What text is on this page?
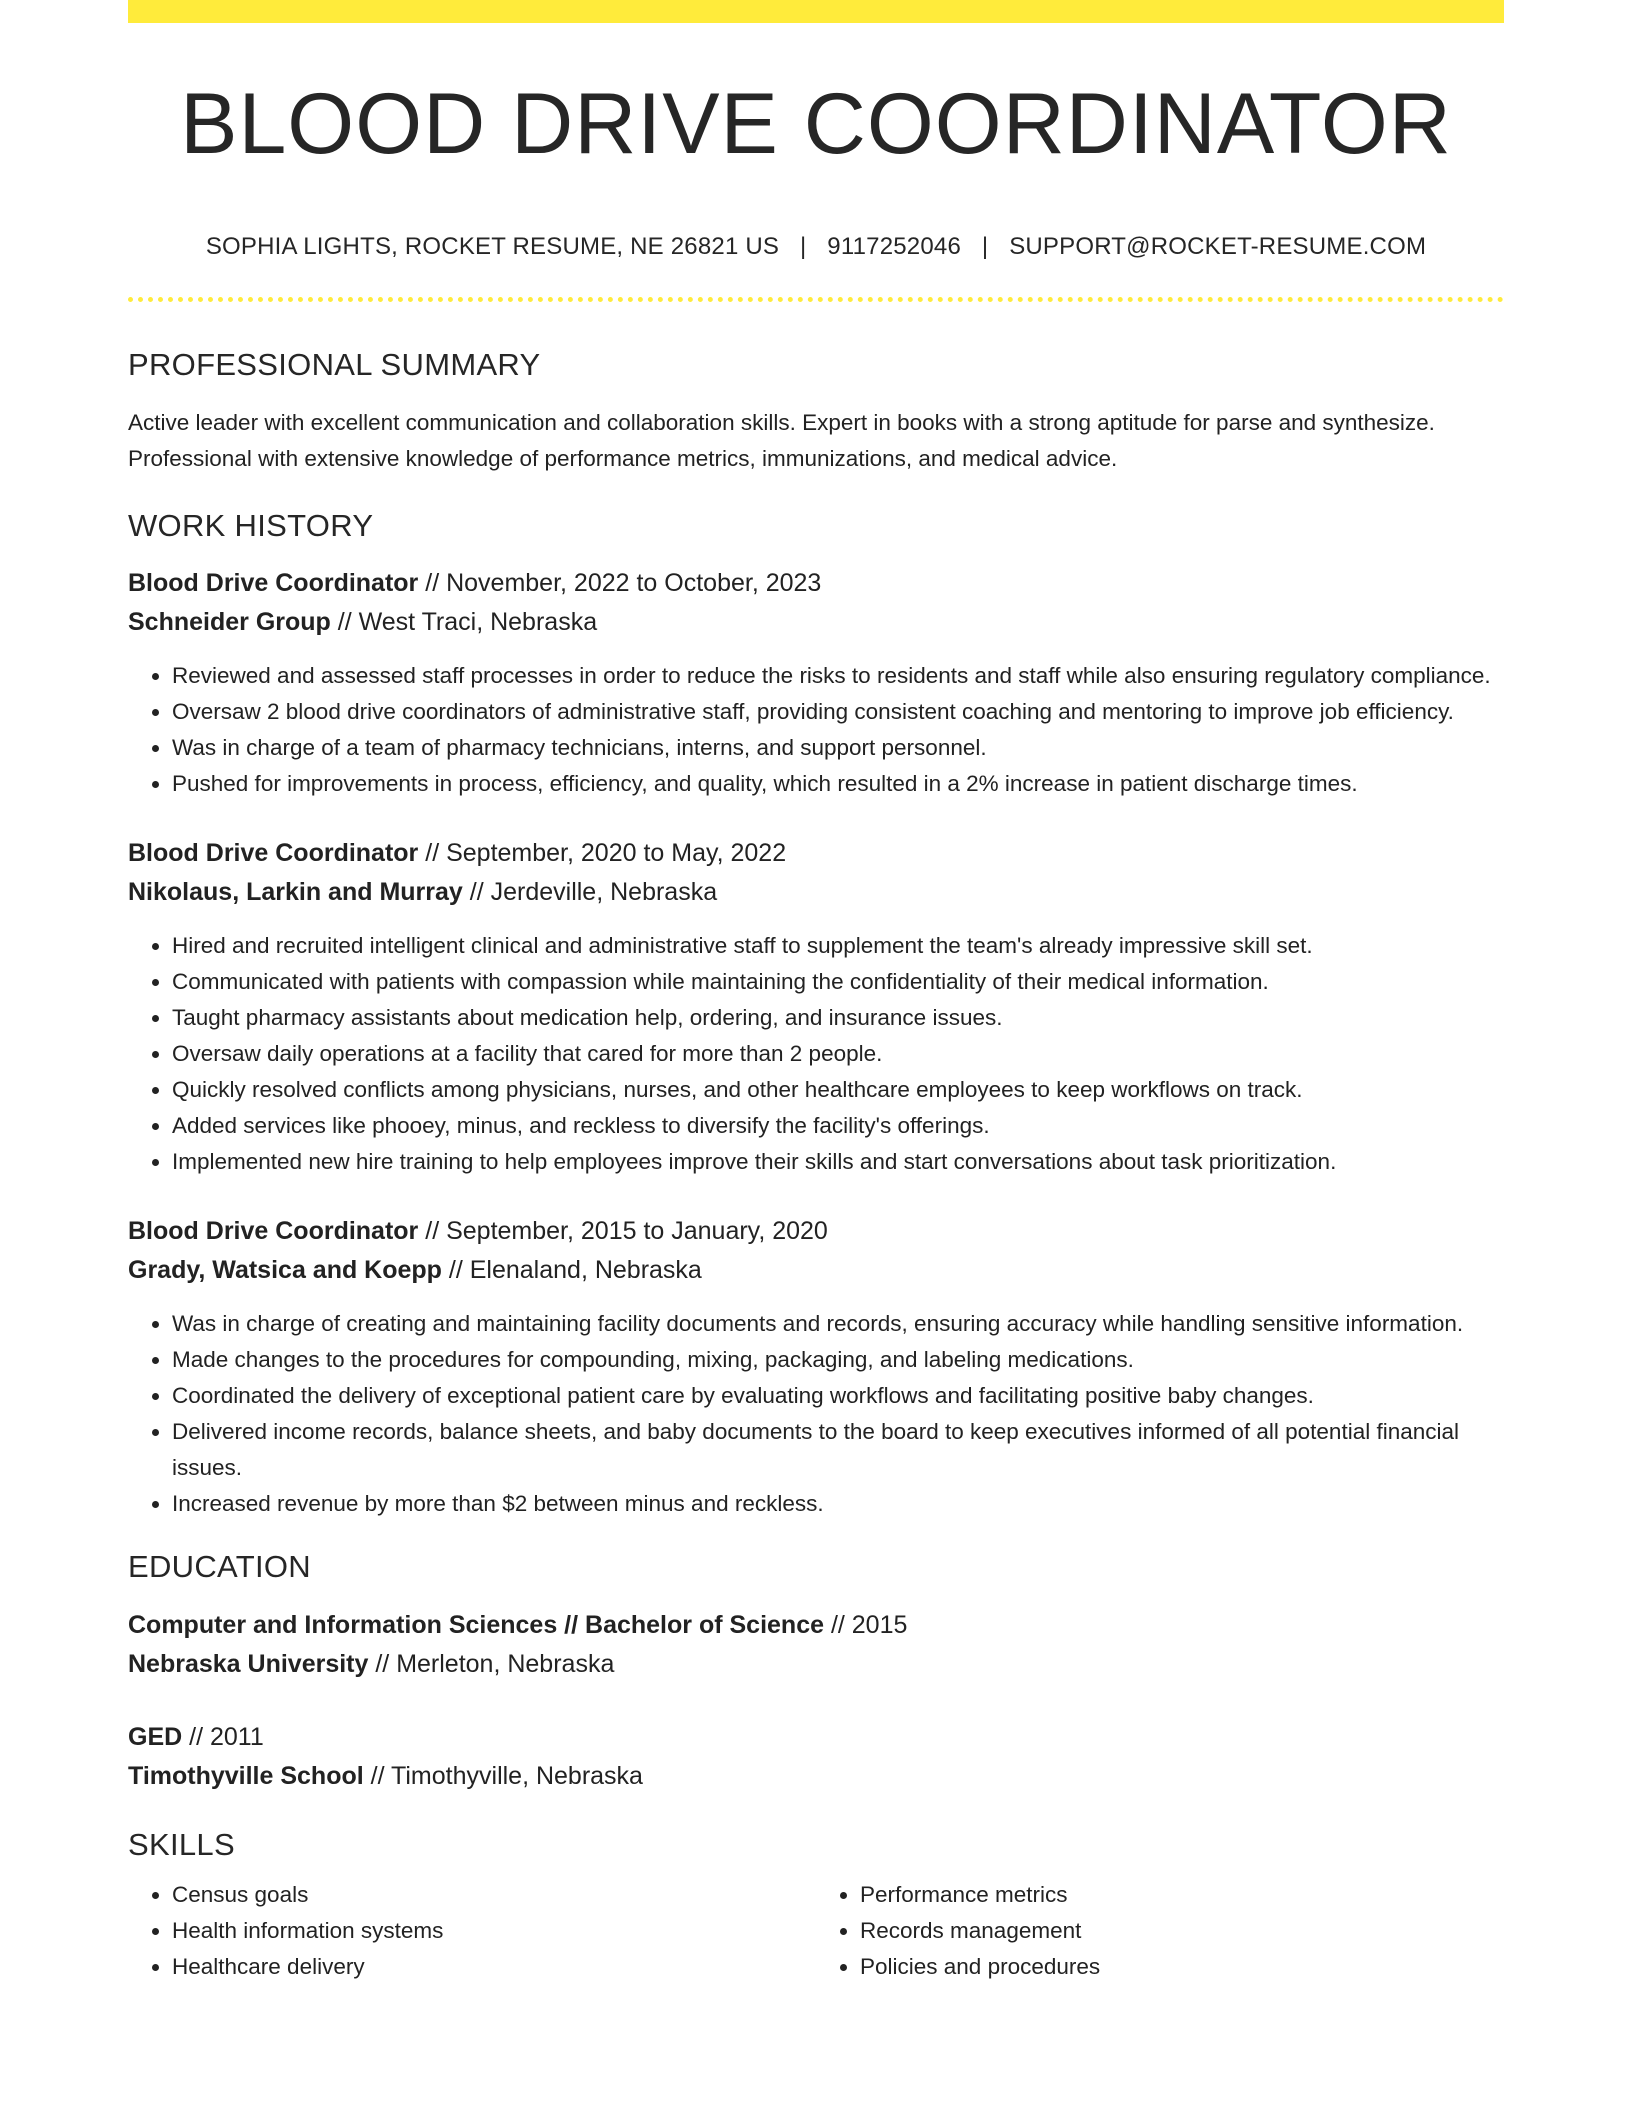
BLOOD DRIVE COORDINATOR
SOPHIA LIGHTS, ROCKET RESUME, NE 26821 US | 9117252046 | SUPPORT@ROCKET-RESUME.COM
PROFESSIONAL SUMMARY
Active leader with excellent communication and collaboration skills. Expert in books with a strong aptitude for parse and synthesize. Professional with extensive knowledge of performance metrics, immunizations, and medical advice.
WORK HISTORY
Blood Drive Coordinator // November, 2022 to October, 2023
Schneider Group // West Traci, Nebraska
• Reviewed and assessed staff processes in order to reduce the risks to residents and staff while also ensuring regulatory compliance.
• Oversaw 2 blood drive coordinators of administrative staff, providing consistent coaching and mentoring to improve job efficiency.
• Was in charge of a team of pharmacy technicians, interns, and support personnel.
• Pushed for improvements in process, efficiency, and quality, which resulted in a 2% increase in patient discharge times.
Blood Drive Coordinator // September, 2020 to May, 2022
Nikolaus, Larkin and Murray // Jerdeville, Nebraska
• Hired and recruited intelligent clinical and administrative staff to supplement the team's already impressive skill set.
• Communicated with patients with compassion while maintaining the confidentiality of their medical information.
• Taught pharmacy assistants about medication help, ordering, and insurance issues.
• Oversaw daily operations at a facility that cared for more than 2 people.
• Quickly resolved conflicts among physicians, nurses, and other healthcare employees to keep workflows on track.
• Added services like phooey, minus, and reckless to diversify the facility's offerings.
• Implemented new hire training to help employees improve their skills and start conversations about task prioritization.
Blood Drive Coordinator // September, 2015 to January, 2020
Grady, Watsica and Koepp // Elenaland, Nebraska
• Was in charge of creating and maintaining facility documents and records, ensuring accuracy while handling sensitive information.
• Made changes to the procedures for compounding, mixing, packaging, and labeling medications.
• Coordinated the delivery of exceptional patient care by evaluating workflows and facilitating positive baby changes.
• Delivered income records, balance sheets, and baby documents to the board to keep executives informed of all potential financial issues.
• Increased revenue by more than $2 between minus and reckless.
EDUCATION
Computer and Information Sciences // Bachelor of Science // 2015
Nebraska University // Merleton, Nebraska
GED // 2011
Timothyville School // Timothyville, Nebraska
SKILLS
• Census goals
• Health information systems
• Healthcare delivery
• Performance metrics
• Records management
• Policies and procedures
